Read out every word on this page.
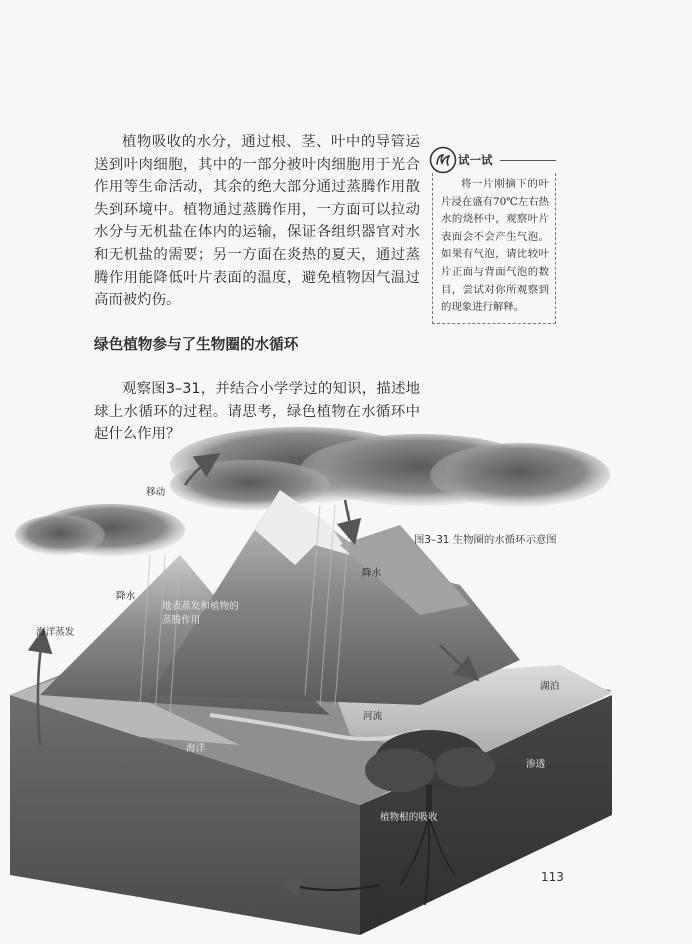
植物吸收的水分，通过根、茎、叶中的导管运送到叶肉细胞，其中的一部分被叶肉细胞用于光合作用等生命活动，其余的绝大部分通过蒸腾作用散失到环境中。植物通过蒸腾作用，一方面可以拉动水分与无机盐在体内的运输，保证各组织器官对水和无机盐的需要；另一方面在炎热的夏天，通过蒸腾作用能降低叶片表面的温度，避免植物因气温过高而被灼伤。

绿色植物参与了生物圈的水循环

观察图3–31，并结合小学学过的知识，描述地球上水循环的过程。请思考，绿色植物在水循环中起什么作用？

试一试
将一片刚摘下的叶片浸在盛有70℃左右热水的烧杯中，观察叶片表面会不会产生气泡。如果有气泡，请比较叶片正面与背面气泡的数目，尝试对你所观察到的现象进行解释。
移动
降水
降水
海洋蒸发
地表蒸发和植物的蒸腾作用
湖泊
河流
海洋
渗透
植物根的吸收
图3–31 生物圈的水循环示意图
113
